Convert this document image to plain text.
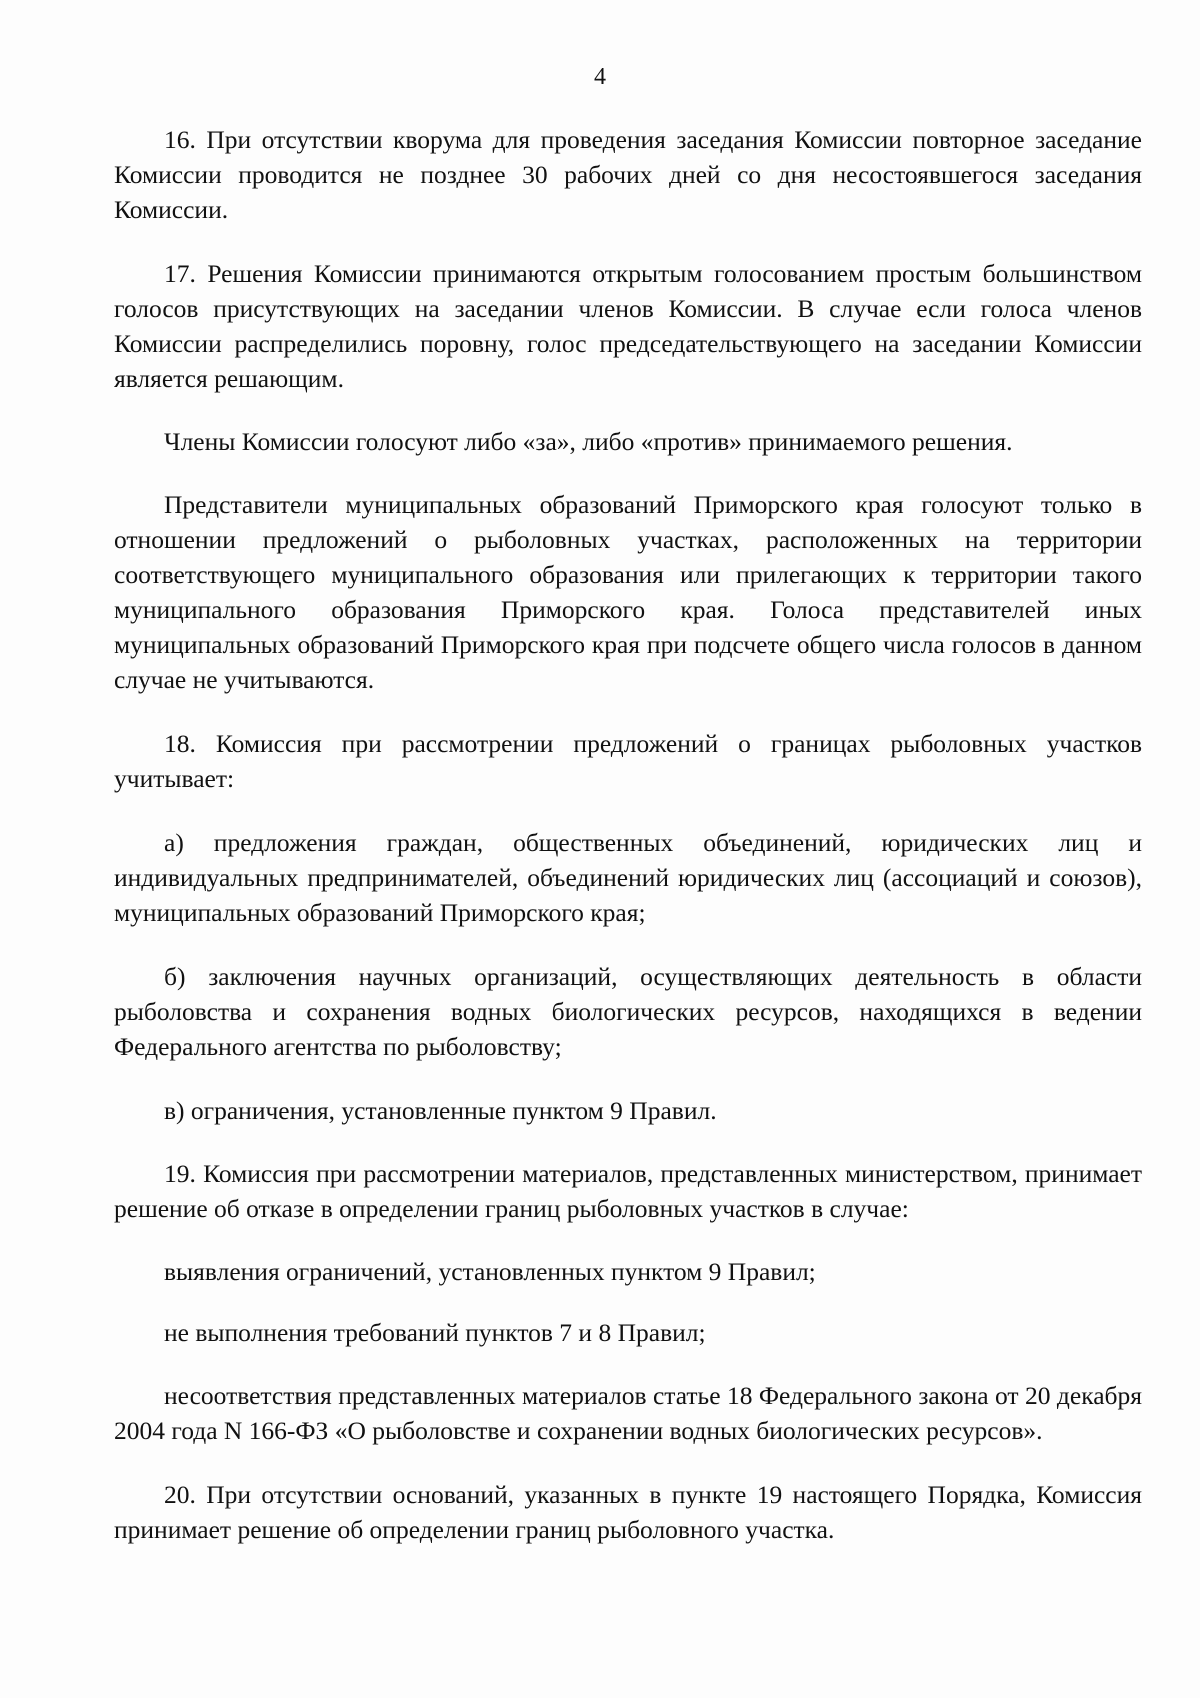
4

16. При отсутствии кворума для проведения заседания Комиссии повторное заседание Комиссии проводится не позднее 30 рабочих дней со дня несостоявшегося заседания Комиссии.

17. Решения Комиссии принимаются открытым голосованием простым большинством голосов присутствующих на заседании членов Комиссии. В случае если голоса членов Комиссии распределились поровну, голос председательствующего на заседании Комиссии является решающим.

Члены Комиссии голосуют либо «за», либо «против» принимаемого решения.

Представители муниципальных образований Приморского края голосуют только в отношении предложений о рыболовных участках, расположенных на территории соответствующего муниципального образования или прилегающих к территории такого муниципального образования Приморского края. Голоса представителей иных муниципальных образований Приморского края при подсчете общего числа голосов в данном случае не учитываются.

18. Комиссия при рассмотрении предложений о границах рыболовных участков учитывает:

а) предложения граждан, общественных объединений, юридических лиц и индивидуальных предпринимателей, объединений юридических лиц (ассоциаций и союзов), муниципальных образований Приморского края;

б) заключения научных организаций, осуществляющих деятельность в области рыболовства и сохранения водных биологических ресурсов, находящихся в ведении Федерального агентства по рыболовству;

в) ограничения, установленные пунктом 9 Правил.

19. Комиссия при рассмотрении материалов, представленных министерством, принимает решение об отказе в определении границ рыболовных участков в случае:

выявления ограничений, установленных пунктом 9 Правил;

не выполнения требований пунктов 7 и 8 Правил;

несоответствия представленных материалов статье 18 Федерального закона от 20 декабря 2004 года N 166-ФЗ «О рыболовстве и сохранении водных биологических ресурсов».

20. При отсутствии оснований, указанных в пункте 19 настоящего Порядка, Комиссия принимает решение об определении границ рыболовного участка.
